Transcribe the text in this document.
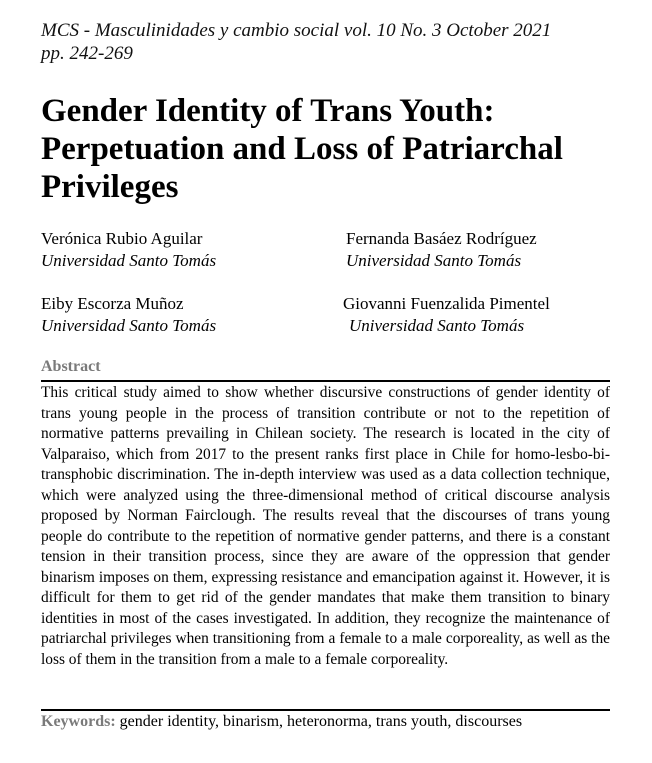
MCS - Masculinidades y cambio social vol. 10 No. 3 October 2021
pp. 242-269
Gender Identity of Trans Youth: Perpetuation and Loss of Patriarchal Privileges
Verónica Rubio Aguilar
Universidad Santo Tomás
Fernanda Basáez Rodríguez
Universidad Santo Tomás
Eiby Escorza Muñoz
Universidad Santo Tomás
Giovanni Fuenzalida Pimentel
Universidad Santo Tomás
Abstract

This critical study aimed to show whether discursive constructions of gender identity of trans young people in the process of transition contribute or not to the repetition of normative patterns prevailing in Chilean society. The research is located in the city of Valparaiso, which from 2017 to the present ranks first place in Chile for homo-lesbo-bi-transphobic discrimination. The in-depth interview was used as a data collection technique, which were analyzed using the three-dimensional method of critical discourse analysis proposed by Norman Fairclough. The results reveal that the discourses of trans young people do contribute to the repetition of normative gender patterns, and there is a constant tension in their transition process, since they are aware of the oppression that gender binarism imposes on them, expressing resistance and emancipation against it. However, it is difficult for them to get rid of the gender mandates that make them transition to binary identities in most of the cases investigated. In addition, they recognize the maintenance of patriarchal privileges when transitioning from a female to a male corporeality, as well as the loss of them in the transition from a male to a female corporeality.

Keywords: gender identity, binarism, heteronorma, trans youth, discourses
